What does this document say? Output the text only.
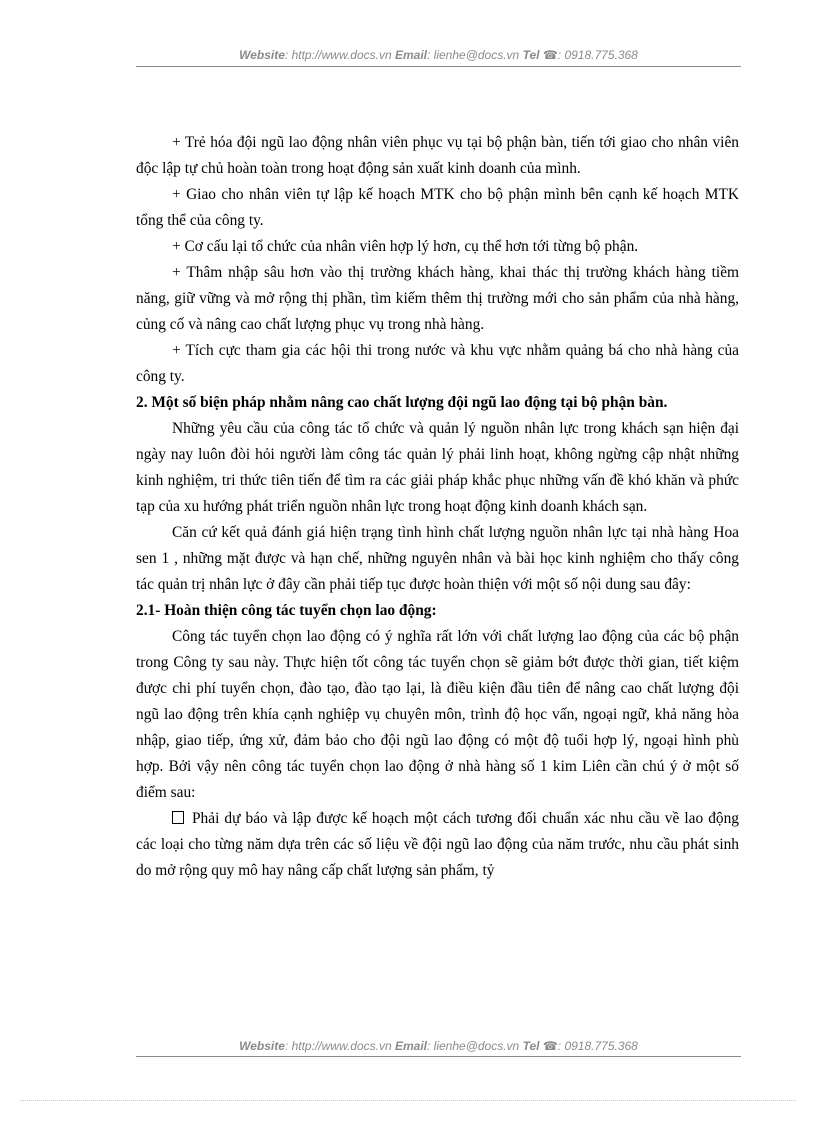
Website: http://www.docs.vn Email: lienhe@docs.vn Tel ☎: 0918.775.368

+ Trẻ hóa đội ngũ lao động nhân viên phục vụ tại bộ phận bàn, tiến tới giao cho nhân viên độc lập tự chủ hoàn toàn trong hoạt động sản xuất kinh doanh của mình.

+ Giao cho nhân viên tự lập kế hoạch MTK cho bộ phận mình bên cạnh kế hoạch MTK tổng thể của công ty.

+ Cơ cấu lại tổ chức của nhân viên hợp lý hơn, cụ thể hơn tới từng bộ phận.

+ Thâm nhập sâu hơn vào thị trường khách hàng, khai thác thị trường khách hàng tiềm năng, giữ vững và mở rộng thị phần, tìm kiếm thêm thị trường mới cho sản phẩm của nhà hàng, củng cố và nâng cao chất lượng phục vụ trong nhà hàng.

+ Tích cực tham gia các hội thi trong nước và khu vực nhằm quảng bá cho nhà hàng của công ty.

2. Một số biện pháp nhằm nâng cao chất lượng đội ngũ lao động tại bộ phận bàn.

Những yêu cầu của công tác tổ chức và quản lý nguồn nhân lực trong khách sạn hiện đại ngày nay luôn đòi hỏi người làm công tác quản lý phải linh hoạt, không ngừng cập nhật những kinh nghiệm, tri thức tiên tiến để tìm ra các giải pháp khắc phục những vấn đề khó khăn và phức tạp của xu hướng phát triển nguồn nhân lực trong hoạt động kinh doanh khách sạn.

Căn cứ kết quả đánh giá hiện trạng tình hình chất lượng nguồn nhân lực tại nhà hàng Hoa sen 1 , những mặt được và hạn chế, những nguyên nhân và bài học kinh nghiệm cho thấy công tác quản trị nhân lực ở đây cần phải tiếp tục được hoàn thiện với một số nội dung sau đây:

2.1- Hoàn thiện công tác tuyển chọn lao động:

Công tác tuyển chọn lao động có ý nghĩa rất lớn với chất lượng lao động của các bộ phận trong Công ty sau này. Thực hiện tốt công tác tuyển chọn sẽ giảm bớt được thời gian, tiết kiệm được chi phí tuyển chọn, đào tạo, đào tạo lại, là điều kiện đầu tiên để nâng cao chất lượng đội ngũ lao động trên khía cạnh nghiệp vụ chuyên môn, trình độ học vấn, ngoại ngữ, khả năng hòa nhập, giao tiếp, ứng xử, đảm bảo cho đội ngũ lao động có một độ tuổi hợp lý, ngoại hình phù hợp. Bởi vậy nên công tác tuyển chọn lao động ở nhà hàng số 1 kim Liên cần chú ý ở một số điểm sau:

Phải dự báo và lập được kế hoạch một cách tương đối chuẩn xác nhu cầu về lao động các loại cho từng năm dựa trên các số liệu về đội ngũ lao động của năm trước, nhu cầu phát sinh do mở rộng quy mô hay nâng cấp chất lượng sản phẩm, tỷ

Website: http://www.docs.vn Email: lienhe@docs.vn Tel ☎: 0918.775.368
